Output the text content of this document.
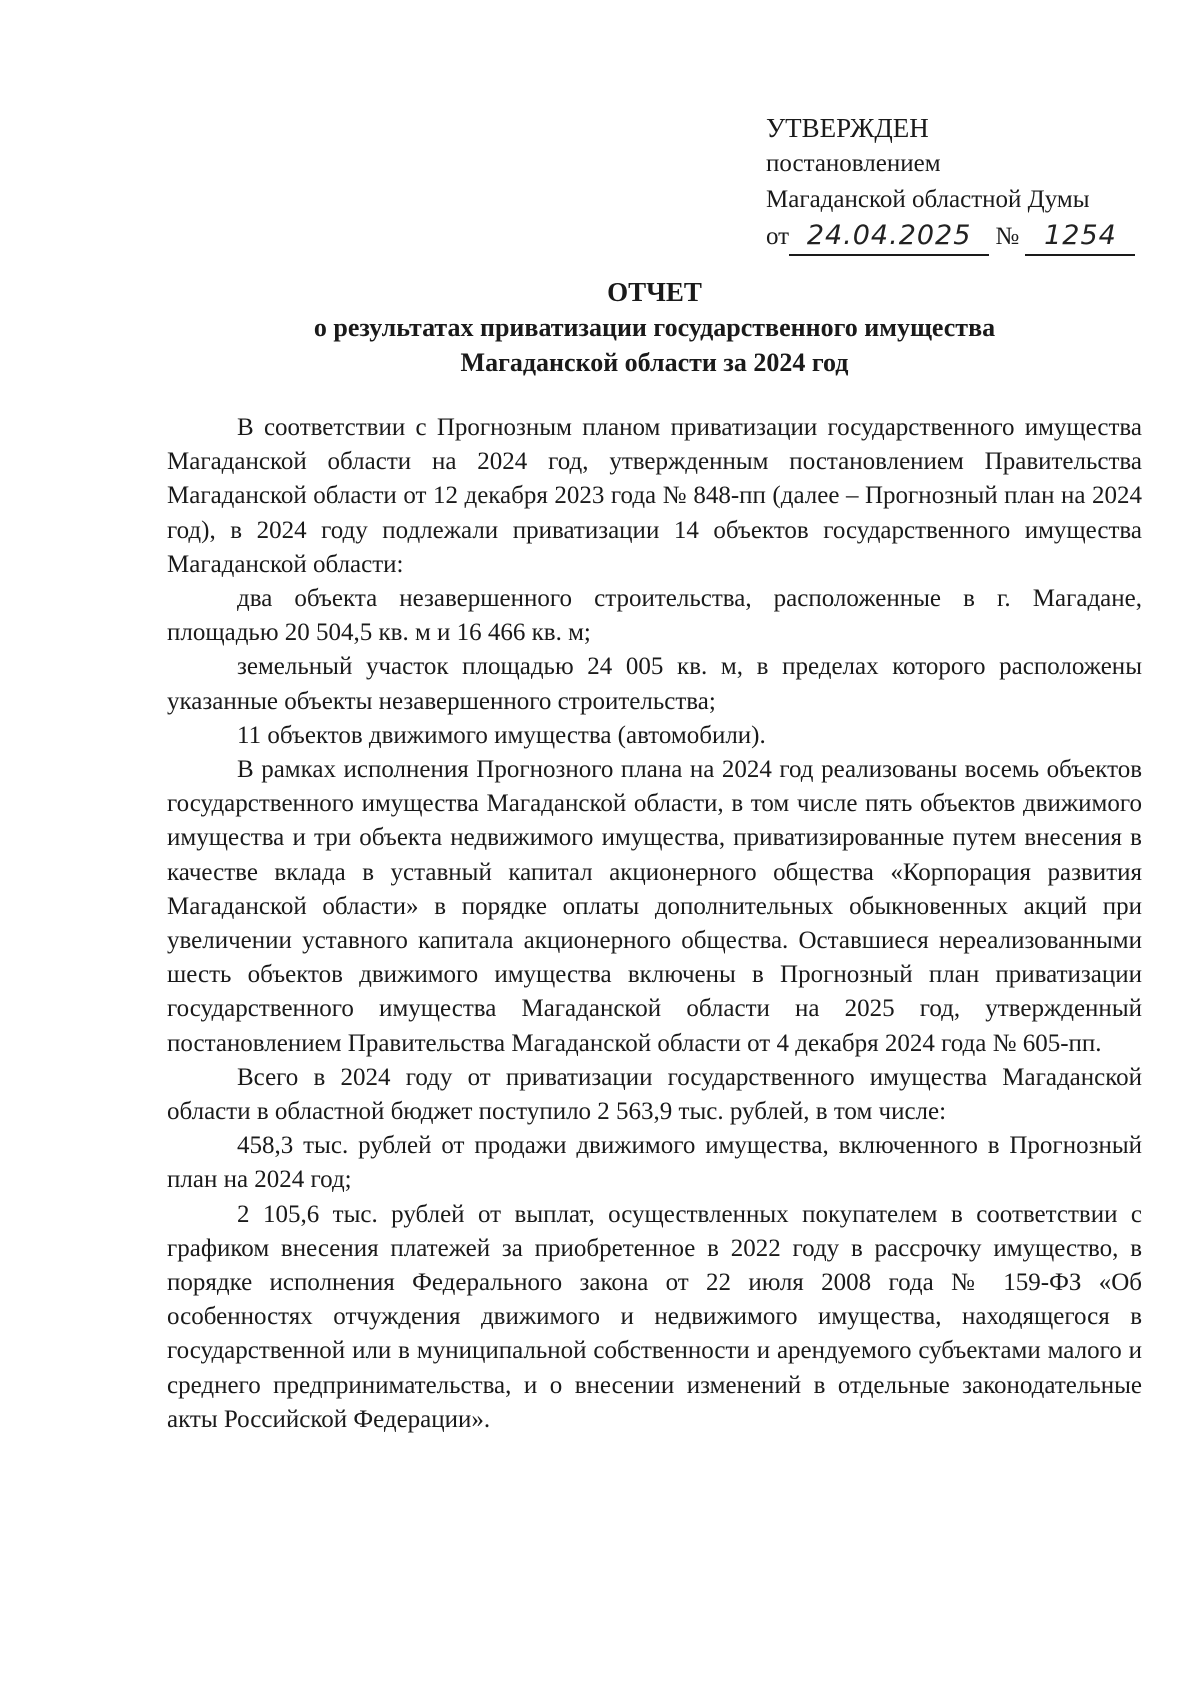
УТВЕРЖДЕН
постановлением
Магаданской областной Думы
от 24.04.2025 № 1254
ОТЧЕТ
о результатах приватизации государственного имущества
Магаданской области за 2024 год

В соответствии с Прогнозным планом приватизации государственного имущества Магаданской области на 2024 год, утвержденным постановлением Правительства Магаданской области от 12 декабря 2023 года № 848-пп (далее – Прогнозный план на 2024 год), в 2024 году подлежали приватизации 14 объектов государственного имущества Магаданской области:

два объекта незавершенного строительства, расположенные в г. Магадане, площадью 20 504,5 кв. м и 16 466 кв. м;

земельный участок площадью 24 005 кв. м, в пределах которого расположены указанные объекты незавершенного строительства;

11 объектов движимого имущества (автомобили).

В рамках исполнения Прогнозного плана на 2024 год реализованы восемь объектов государственного имущества Магаданской области, в том числе пять объектов движимого имущества и три объекта недвижимого имущества, приватизированные путем внесения в качестве вклада в уставный капитал акционерного общества «Корпорация развития Магаданской области» в порядке оплаты дополнительных обыкновенных акций при увеличении уставного капитала акционерного общества. Оставшиеся нереализованными шесть объектов движимого имущества включены в Прогнозный план приватизации государственного имущества Магаданской области на 2025 год, утвержденный постановлением Правительства Магаданской области от 4 декабря 2024 года № 605-пп.

Всего в 2024 году от приватизации государственного имущества Магаданской области в областной бюджет поступило 2 563,9 тыс. рублей, в том числе:

458,3 тыс. рублей от продажи движимого имущества, включенного в Прогнозный план на 2024 год;

2 105,6 тыс. рублей от выплат, осуществленных покупателем в соответствии с графиком внесения платежей за приобретенное в 2022 году в рассрочку имущество, в порядке исполнения Федерального закона от 22 июля 2008 года № 159-ФЗ «Об особенностях отчуждения движимого и недвижимого имущества, находящегося в государственной или в муниципальной собственности и арендуемого субъектами малого и среднего предпринимательства, и о внесении изменений в отдельные законодательные акты Российской Федерации».
